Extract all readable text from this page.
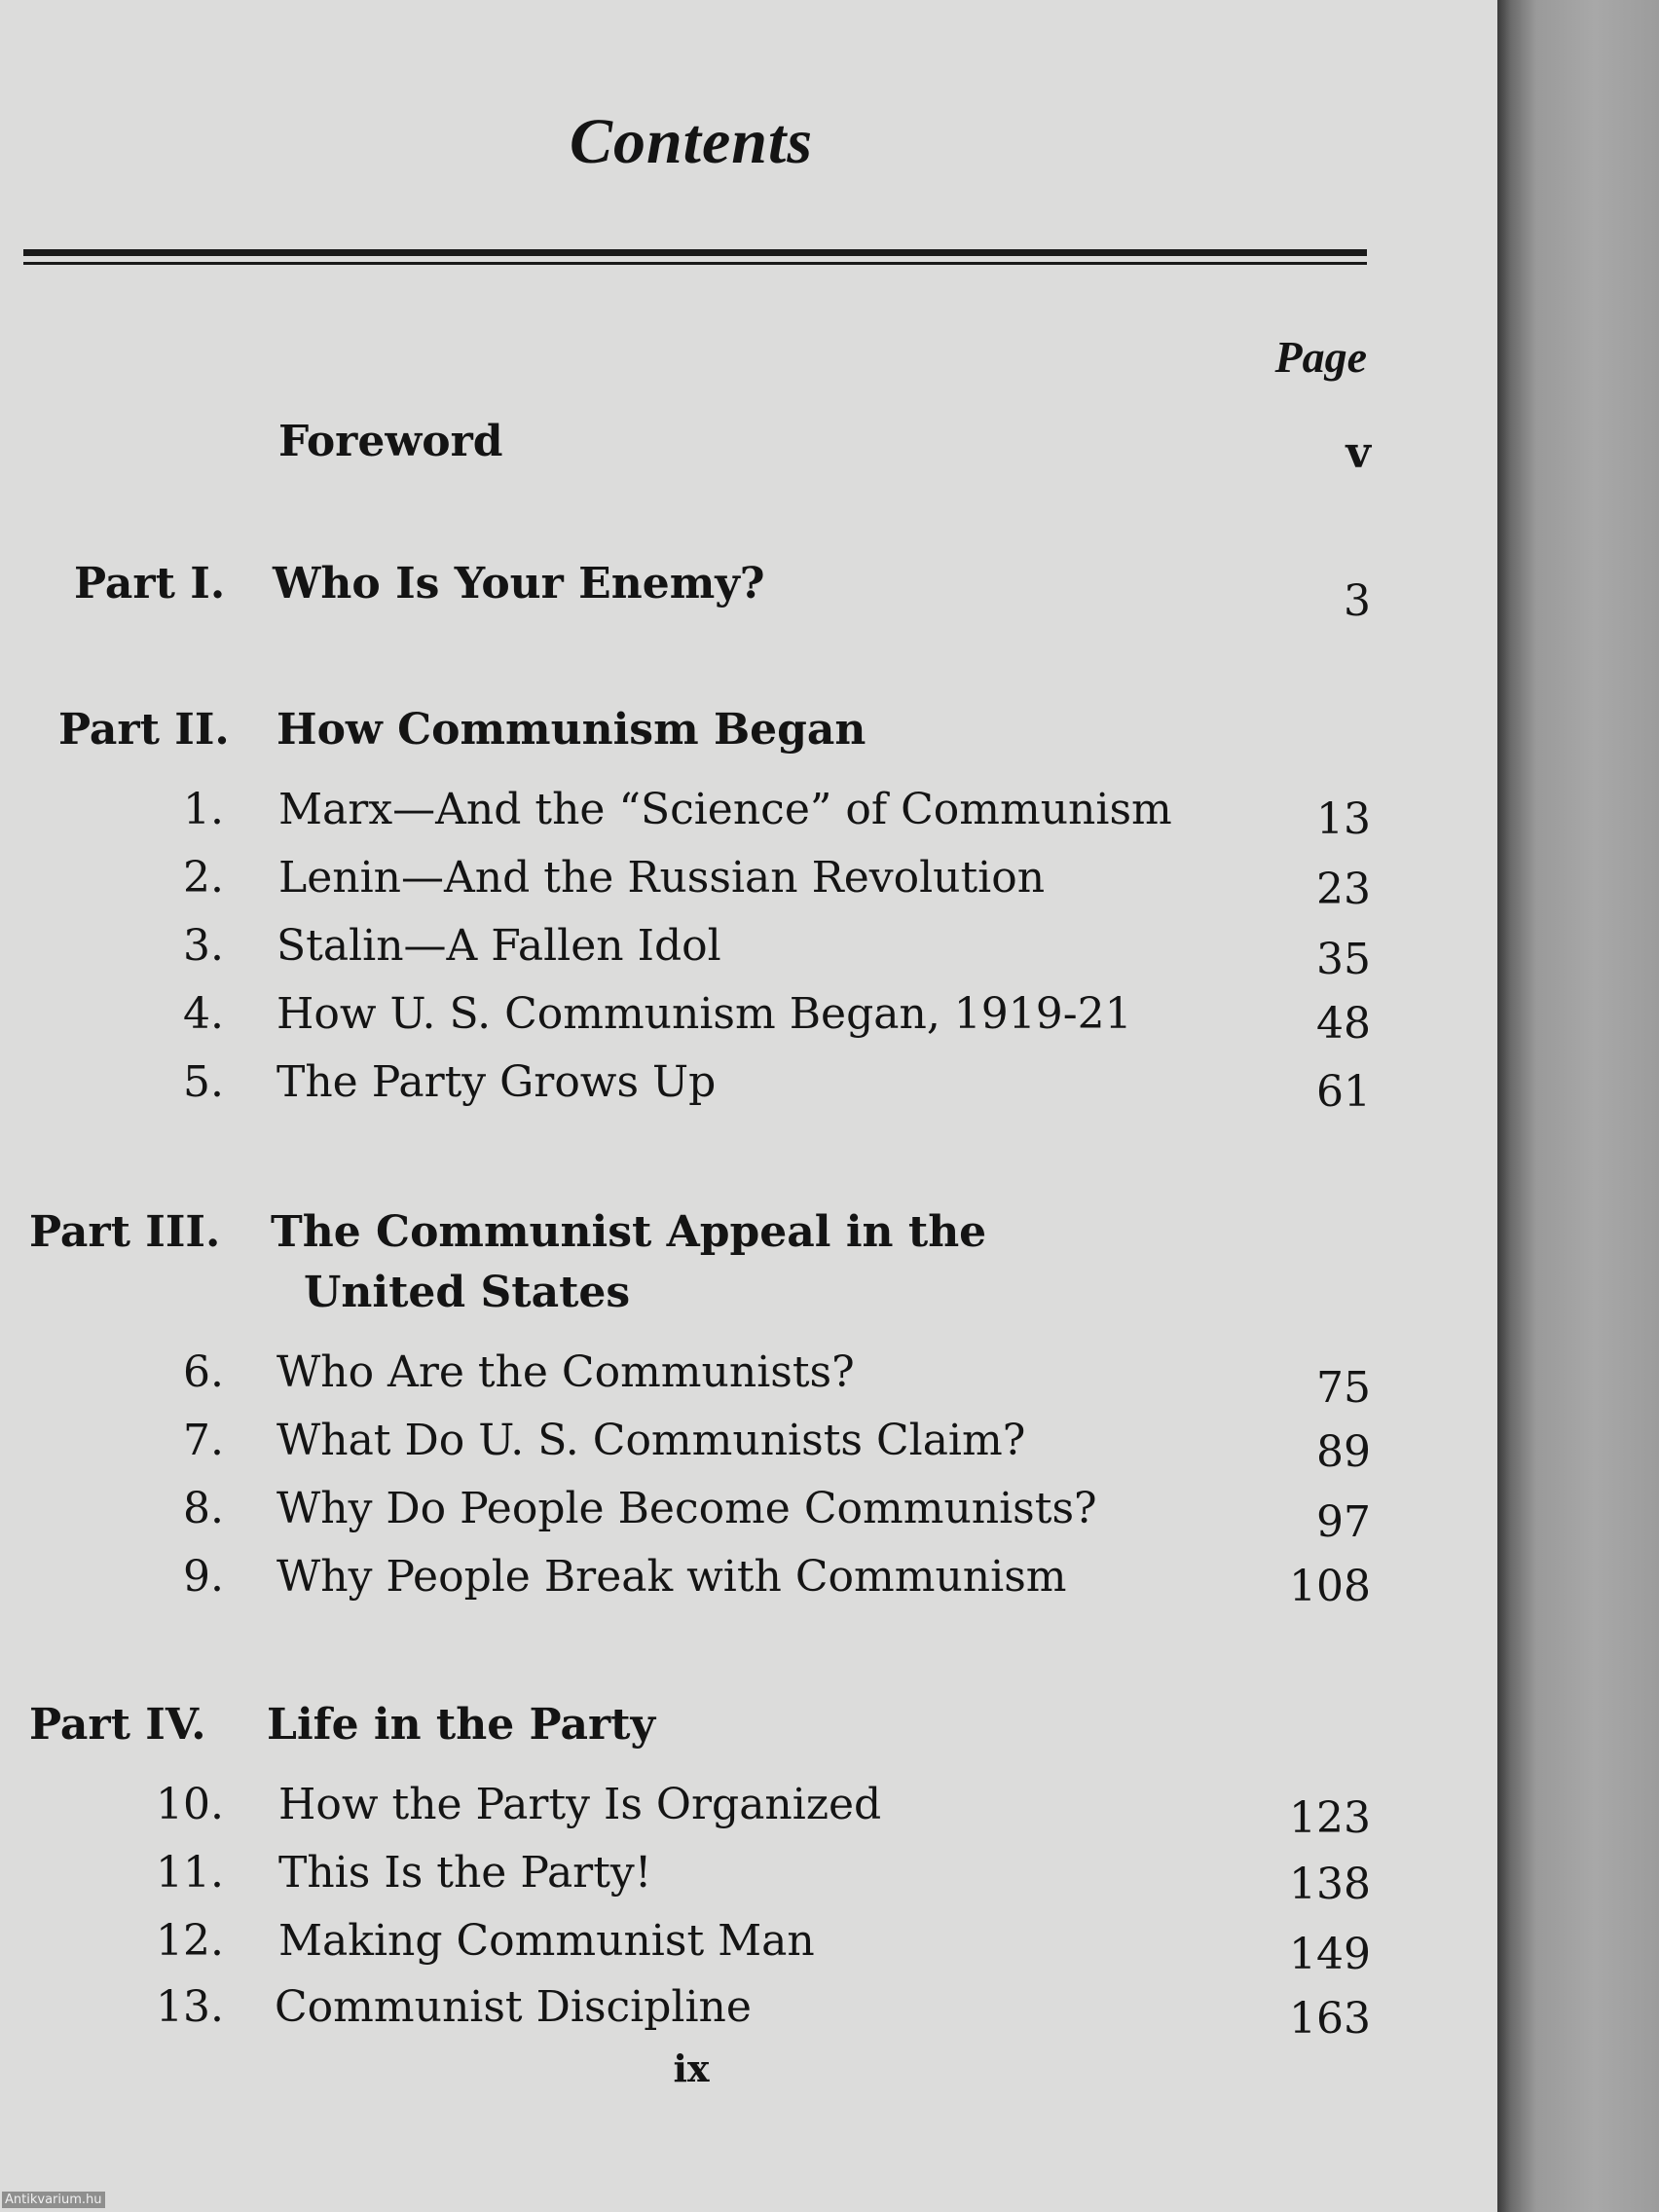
Contents
Page
Foreword	v
Part I. Who Is Your Enemy?	3
Part II. How Communism Began
1. Marx—And the “Science” of Communism	13
2. Lenin—And the Russian Revolution	23
3. Stalin—A Fallen Idol	35
4. How U. S. Communism Began, 1919-21	48
5. The Party Grows Up	61
Part III. The Communist Appeal in the
United States
6. Who Are the Communists?	75
7. What Do U. S. Communists Claim?	89
8. Why Do People Become Communists?	97
9. Why People Break with Communism	108
Part IV. Life in the Party
10. How the Party Is Organized	123
11. This Is the Party!	138
12. Making Communist Man	149
13. Communist Discipline	163
ix
Antikvarium.hu
